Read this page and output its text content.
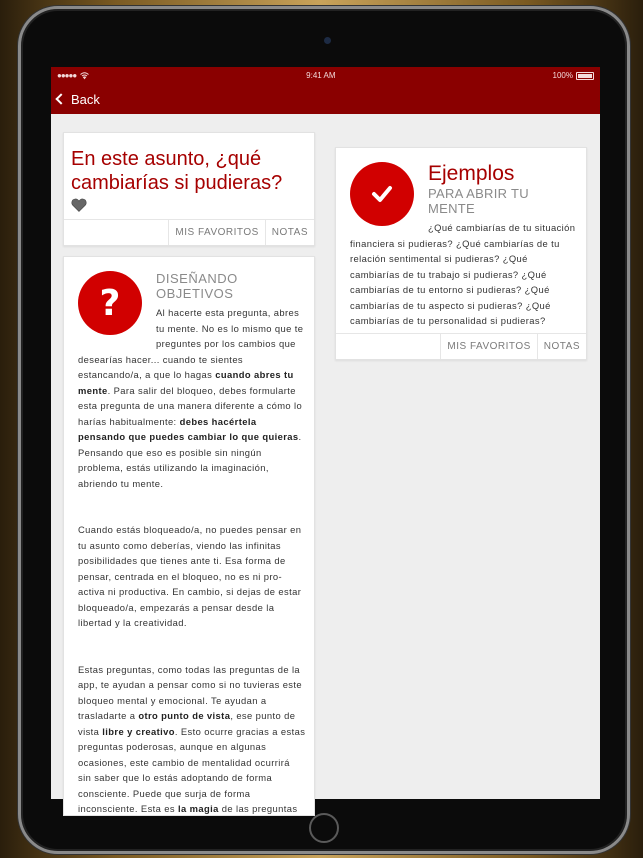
●●●●●	9:41 AM	100%
Back
En este asunto, ¿qué cambiarías si pudieras?
MIS FAVORITOS	NOTAS
?
DISEÑANDO OBJETIVOS
Al hacerte esta pregunta, abres tu mente. No es lo mismo que te preguntes por los cambios que desearías hacer... cuando te sientes estancando/a, a que lo hagas cuando abres tu mente. Para salir del bloqueo, debes formularte esta pregunta de una manera diferente a cómo lo harías habitualmente: debes hacértela pensando que puedes cambiar lo que quieras. Pensando que eso es posible sin ningún problema, estás utilizando la imaginación, abriendo tu mente.
Cuando estás bloqueado/a, no puedes pensar en tu asunto como deberías, viendo las infinitas posibilidades que tienes ante ti. Esa forma de pensar, centrada en el bloqueo, no es ni pro-activa ni productiva. En cambio, si dejas de estar bloqueado/a, empezarás a pensar desde la libertad y la creatividad.
Estas preguntas, como todas las preguntas de la app, te ayudan a pensar como si no tuvieras este bloqueo mental y emocional. Te ayudan a trasladarte a otro punto de vista, ese punto de vista libre y creativo. Esto ocurre gracias a estas preguntas poderosas, aunque en algunas ocasiones, este cambio de mentalidad ocurrirá sin saber que lo estás adoptando de forma consciente. Puede que surja de forma inconsciente. Esta es la magia de las preguntas
Ejemplos
PARA ABRIR TU MENTE
¿Qué cambiarías de tu situación financiera si pudieras? ¿Qué cambiarías de tu relación sentimental si pudieras? ¿Qué cambiarías de tu trabajo si pudieras? ¿Qué cambiarías de tu entorno si pudieras? ¿Qué cambiarías de tu aspecto si pudieras? ¿Qué cambiarías de tu personalidad si pudieras?
MIS FAVORITOS	NOTAS
